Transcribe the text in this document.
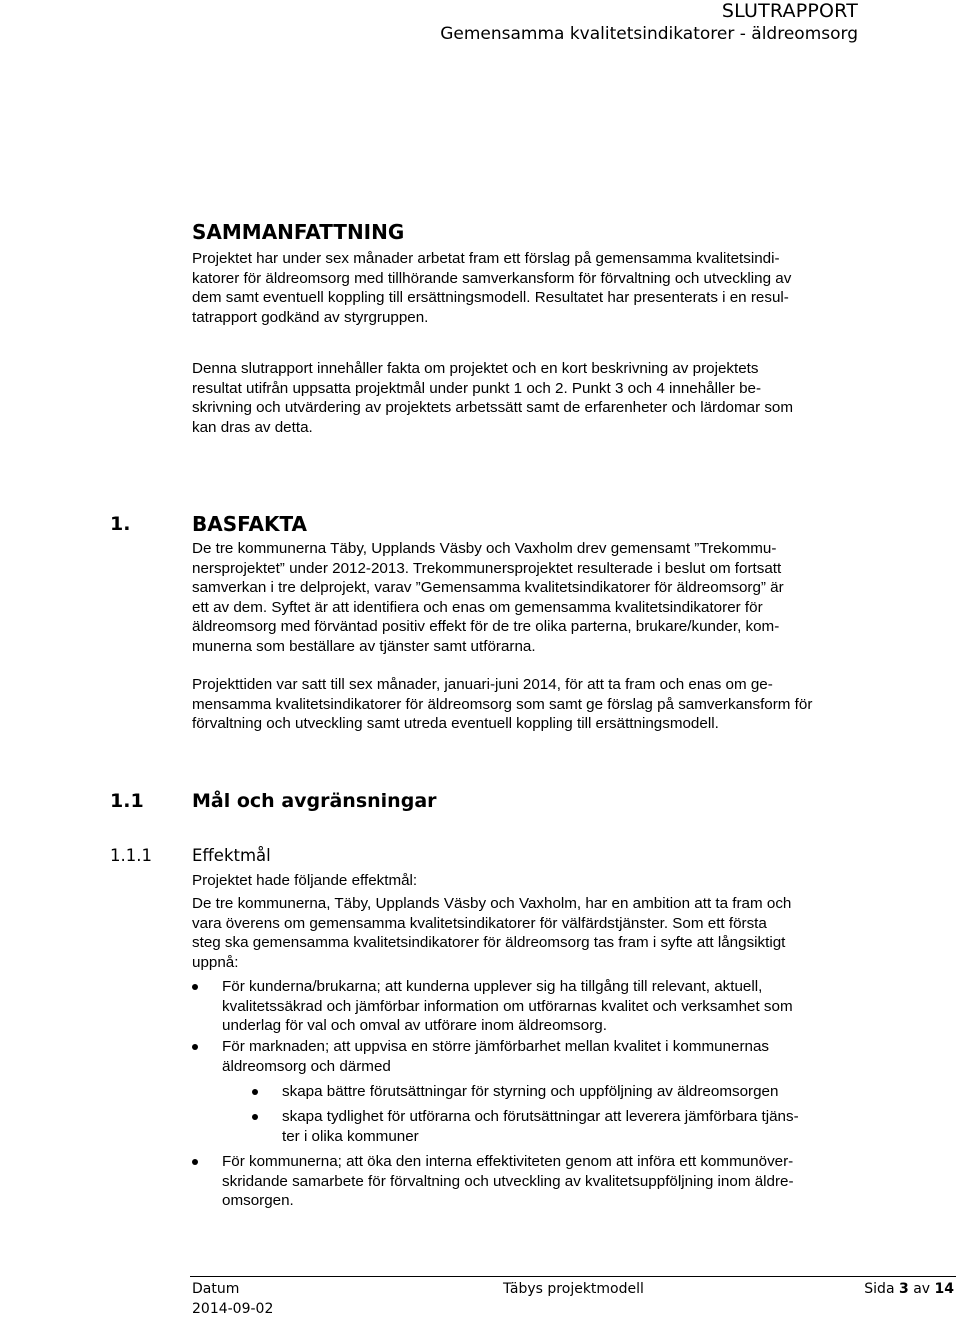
SLUTRAPPORT
Gemensamma kvalitetsindikatorer - äldreomsorg
SAMMANFATTNING
Projektet har under sex månader arbetat fram ett förslag på gemensamma kvalitetsindi-
katorer för äldreomsorg med tillhörande samverkansform för förvaltning och utveckling av
dem samt eventuell koppling till ersättningsmodell. Resultatet har presenterats i en resul-
tatrapport godkänd av styrgruppen.
Denna slutrapport innehåller fakta om projektet och en kort beskrivning av projektets
resultat utifrån uppsatta projektmål under punkt 1 och 2. Punkt 3 och 4 innehåller be-
skrivning och utvärdering av projektets arbetssätt samt de erfarenheter och lärdomar som
kan dras av detta.
1.	BASFAKTA
De tre kommunerna Täby, Upplands Väsby och Vaxholm drev gemensamt ”Trekommu-
nersprojektet” under 2012-2013. Trekommunersprojektet resulterade i beslut om fortsatt
samverkan i tre delprojekt, varav ”Gemensamma kvalitetsindikatorer för äldreomsorg” är
ett av dem. Syftet är att identifiera och enas om gemensamma kvalitetsindikatorer för
äldreomsorg med förväntad positiv effekt för de tre olika parterna, brukare/kunder, kom-
munerna som beställare av tjänster samt utförarna.
Projekttiden var satt till sex månader, januari-juni 2014, för att ta fram och enas om ge-
mensamma kvalitetsindikatorer för äldreomsorg som samt ge förslag på samverkansform för
förvaltning och utveckling samt utreda eventuell koppling till ersättningsmodell.
1.1	Mål och avgränsningar
1.1.1 Effektmål
Projektet hade följande effektmål:
De tre kommunerna, Täby, Upplands Väsby och Vaxholm, har en ambition att ta fram och
vara överens om gemensamma kvalitetsindikatorer för välfärdstjänster. Som ett första
steg ska gemensamma kvalitetsindikatorer för äldreomsorg tas fram i syfte att långsiktigt
uppnå:
För kunderna/brukarna; att kunderna upplever sig ha tillgång till relevant, aktuell,
kvalitetssäkrad och jämförbar information om utförarnas kvalitet och verksamhet som
underlag för val och omval av utförare inom äldreomsorg.
För marknaden; att uppvisa en större jämförbarhet mellan kvalitet i kommunernas
äldreomsorg och därmed
skapa bättre förutsättningar för styrning och uppföljning av äldreomsorgen
skapa tydlighet för utförarna och förutsättningar att leverera jämförbara tjäns-
ter i olika kommuner
För kommunerna; att öka den interna effektiviteten genom att införa ett kommunöver-
skridande samarbete för förvaltning och utveckling av kvalitetsuppföljning inom äldre-
omsorgen.
Datum
2014-09-02
Täbys projektmodell	Sida 3 av 14
